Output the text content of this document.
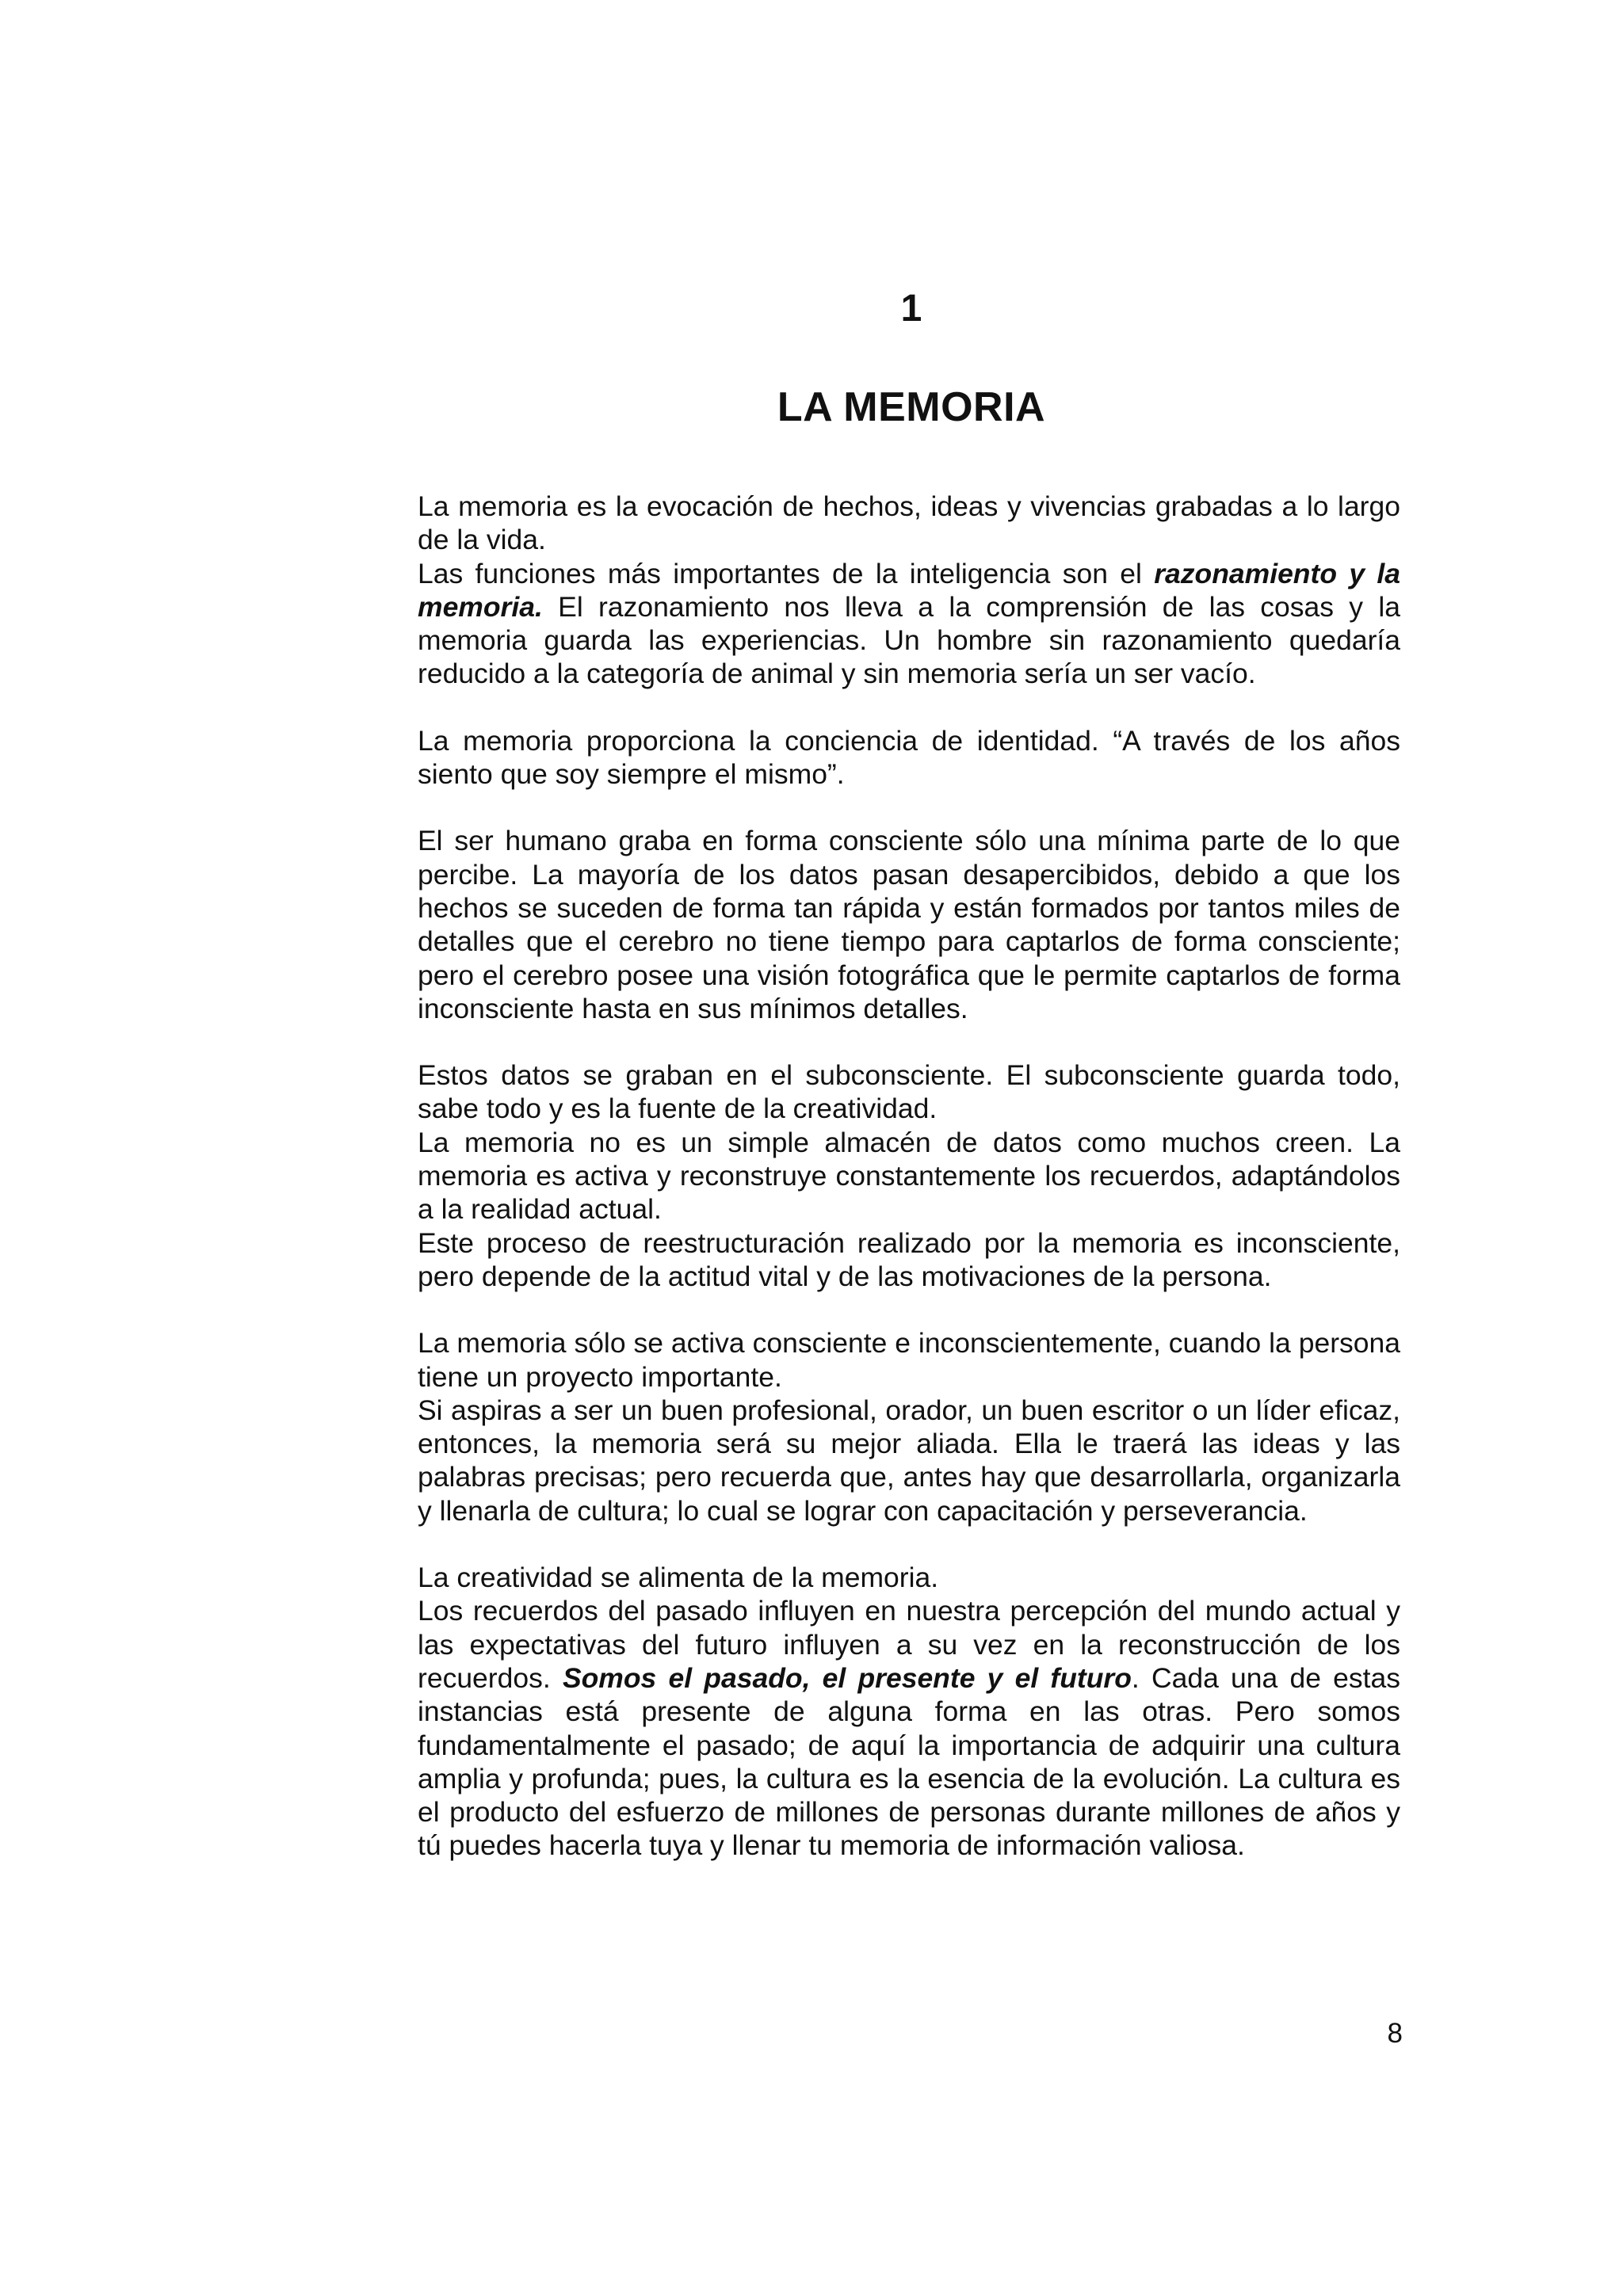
1
LA MEMORIA

La memoria es la evocación de hechos, ideas y vivencias grabadas a lo largo de la vida.

Las funciones más importantes de la inteligencia son el razonamiento y la memoria. El razonamiento nos lleva a la comprensión de las cosas y la memoria guarda las experiencias. Un hombre sin razonamiento quedaría reducido a la categoría de animal y sin memoria sería un ser vacío.

La memoria proporciona la conciencia de identidad. “A través de los años siento que soy siempre el mismo”.

El ser humano graba en forma consciente sólo una mínima parte de lo que percibe. La mayoría de los datos pasan desapercibidos, debido a que los hechos se suceden de forma tan rápida y están formados por tantos miles de detalles que el cerebro no tiene tiempo para captarlos de forma consciente; pero el cerebro posee una visión fotográfica que le permite captarlos de forma inconsciente hasta en sus mínimos detalles.

Estos datos se graban en el subconsciente. El subconsciente guarda todo, sabe todo y es la fuente de la creatividad.

La memoria no es un simple almacén de datos como muchos creen. La memoria es activa y reconstruye constantemente los recuerdos, adaptándolos a la realidad actual.

Este proceso de reestructuración realizado por la memoria es inconsciente, pero depende de la actitud vital y de las motivaciones de la persona.

La memoria sólo se activa consciente e inconscientemente, cuando la persona tiene un proyecto importante.

Si aspiras a ser un buen profesional, orador, un buen escritor o un líder eficaz, entonces, la memoria será su mejor aliada. Ella le traerá las ideas y las palabras precisas; pero recuerda que, antes hay que desarrollarla, organizarla y llenarla de cultura; lo cual se lograr con capacitación y perseverancia.

La creatividad se alimenta de la memoria.

Los recuerdos del pasado influyen en nuestra percepción del mundo actual y las expectativas del futuro influyen a su vez en la reconstrucción de los recuerdos. Somos el pasado, el presente y el futuro. Cada una de estas instancias está presente de alguna forma en las otras. Pero somos fundamentalmente el pasado; de aquí la importancia de adquirir una cultura amplia y profunda; pues, la cultura es la esencia de la evolución. La cultura es el producto del esfuerzo de millones de personas durante millones de años y tú puedes hacerla tuya y llenar tu memoria de información valiosa.

8
